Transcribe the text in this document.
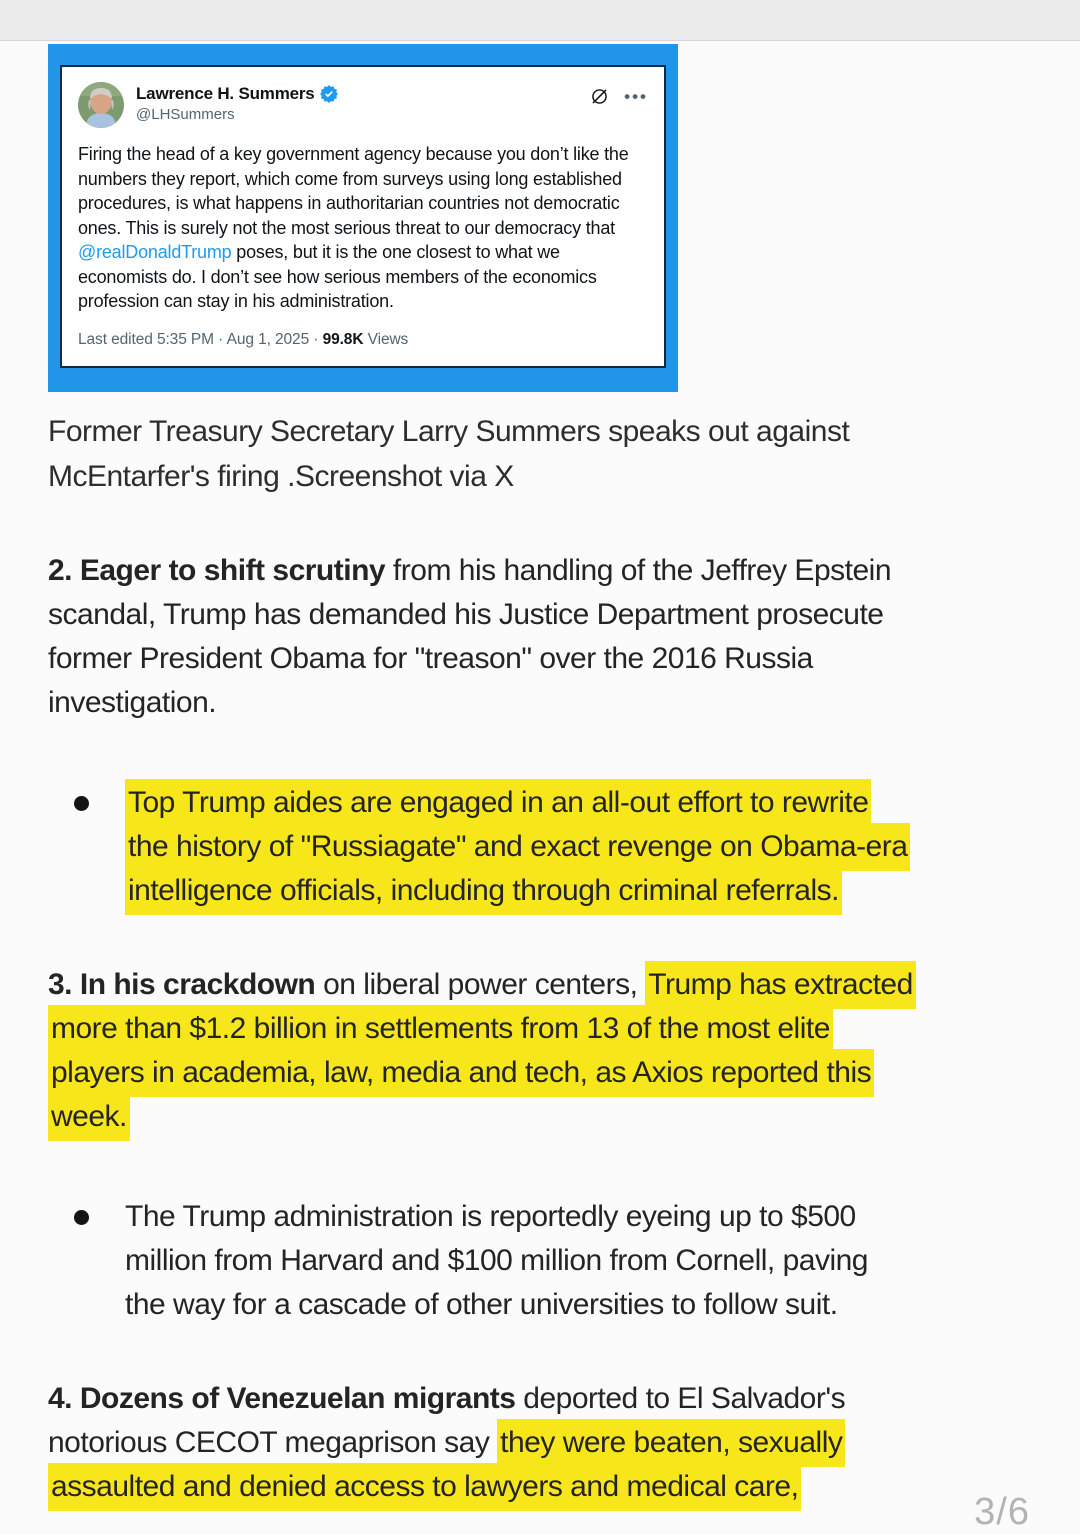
Lawrence H. Summers
@LHSummers
•••
Firing the head of a key government agency because you don’t like the
numbers they report, which come from surveys using long established
procedures, is what happens in authoritarian countries not democratic
ones. This is surely not the most serious threat to our democracy that
@realDonaldTrump poses, but it is the one closest to what we
economists do. I don’t see how serious members of the economics
profession can stay in his administration.
Last edited 5:35 PM · Aug 1, 2025 · 99.8K Views
Former Treasury Secretary Larry Summers speaks out against
McEntarfer's firing .Screenshot via X
2. Eager to shift scrutiny from his handling of the Jeffrey Epstein
scandal, Trump has demanded his Justice Department prosecute
former President Obama for "treason" over the 2016 Russia
investigation.
Top Trump aides are engaged in an all-out effort to rewrite
the history of "Russiagate" and exact revenge on Obama-era
intelligence officials, including through criminal referrals.
3. In his crackdown on liberal power centers, Trump has extracted
more than $1.2 billion in settlements from 13 of the most elite
players in academia, law, media and tech, as Axios reported this
week.
The Trump administration is reportedly eyeing up to $500
million from Harvard and $100 million from Cornell, paving
the way for a cascade of other universities to follow suit.
4. Dozens of Venezuelan migrants deported to El Salvador's
notorious CECOT megaprison say they were beaten, sexually
assaulted and denied access to lawyers and medical care,
3/6
